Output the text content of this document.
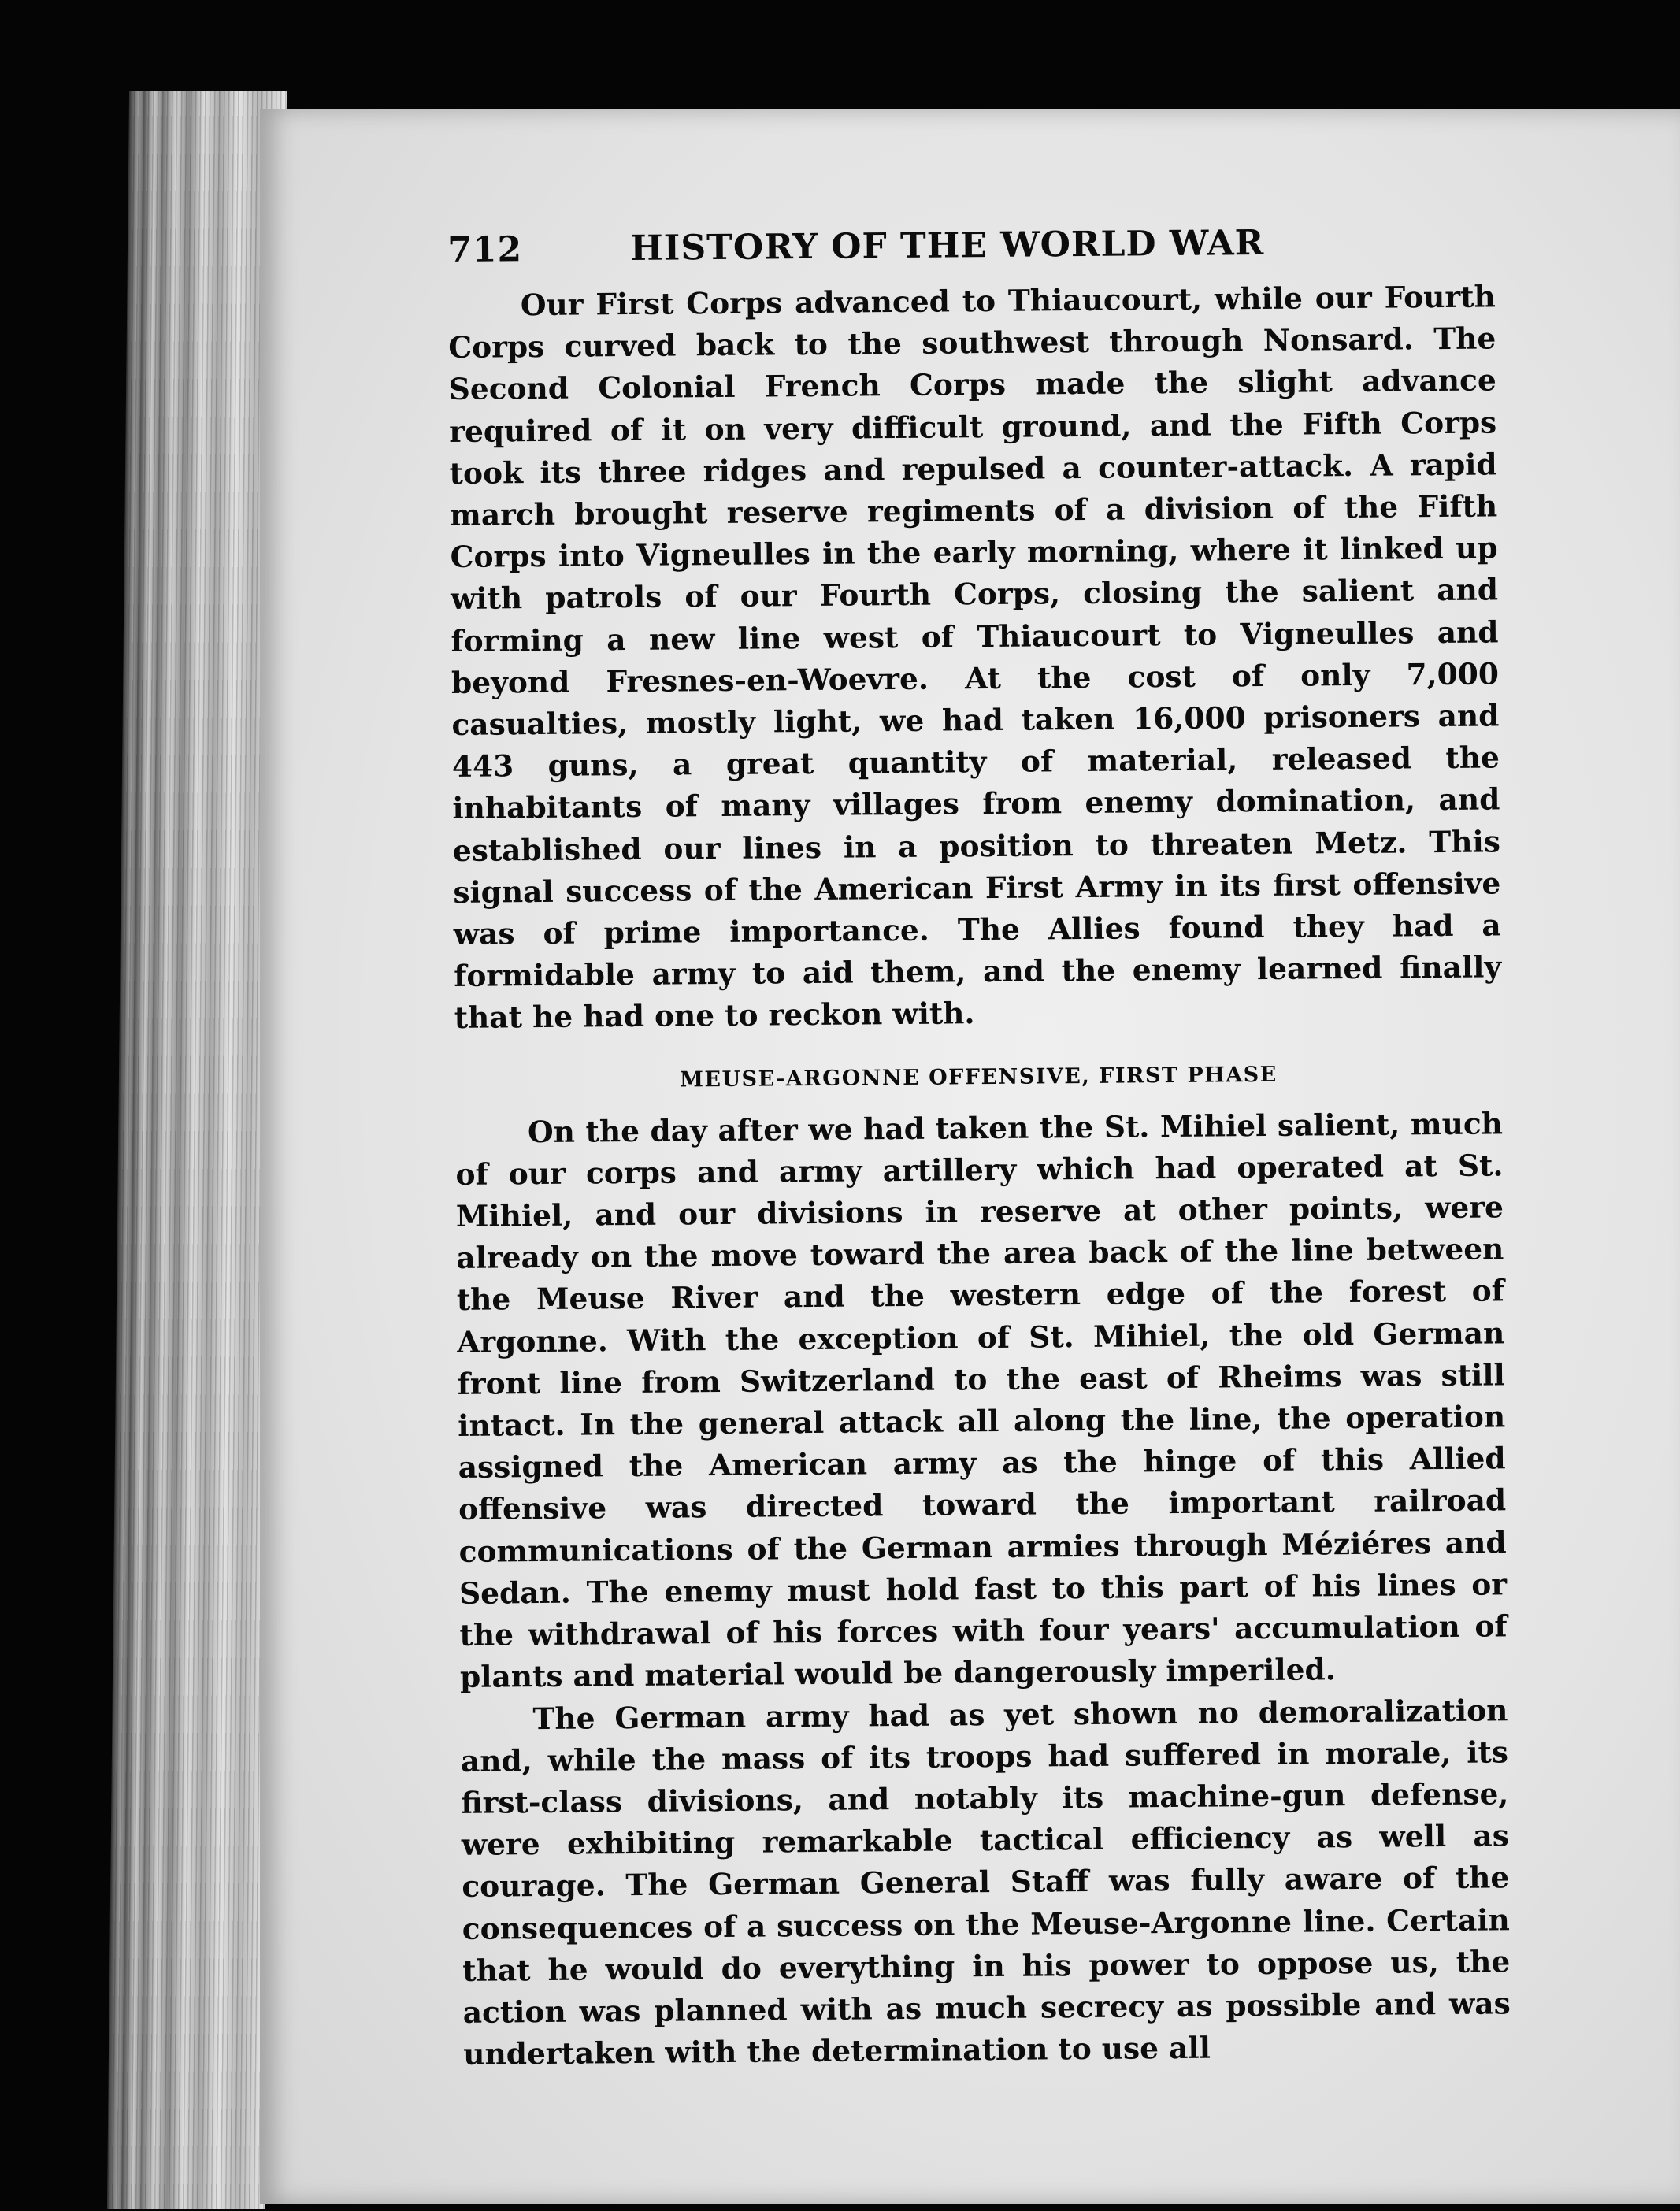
712	HISTORY OF THE WORLD WAR

Our First Corps advanced to Thiaucourt, while our Fourth Corps curved back to the southwest through Nonsard. The Second Colonial French Corps made the slight advance required of it on very difficult ground, and the Fifth Corps took its three ridges and repulsed a counter-attack. A rapid march brought reserve regiments of a division of the Fifth Corps into Vigneulles in the early morning, where it linked up with patrols of our Fourth Corps, closing the salient and forming a new line west of Thiaucourt to Vigneulles and beyond Fresnes-en-Woevre. At the cost of only 7,000 casualties, mostly light, we had taken 16,000 prisoners and 443 guns, a great quantity of material, released the inhabitants of many villages from enemy domination, and established our lines in a position to threaten Metz. This signal success of the American First Army in its first offensive was of prime importance. The Allies found they had a formidable army to aid them, and the enemy learned finally that he had one to reckon with.

MEUSE-ARGONNE OFFENSIVE, FIRST PHASE

On the day after we had taken the St. Mihiel salient, much of our corps and army artillery which had operated at St. Mihiel, and our divisions in reserve at other points, were already on the move toward the area back of the line between the Meuse River and the western edge of the forest of Argonne. With the exception of St. Mihiel, the old German front line from Switzerland to the east of Rheims was still intact. In the general attack all along the line, the operation assigned the American army as the hinge of this Allied offensive was directed toward the important railroad communications of the German armies through Méziéres and Sedan. The enemy must hold fast to this part of his lines or the withdrawal of his forces with four years' accumulation of plants and material would be dangerously imperiled.

The German army had as yet shown no demoralization and, while the mass of its troops had suffered in morale, its first-class divisions, and notably its machine-gun defense, were exhibiting remarkable tactical efficiency as well as courage. The German General Staff was fully aware of the consequences of a success on the Meuse-Argonne line. Certain that he would do everything in his power to oppose us, the action was planned with as much secrecy as possible and was undertaken with the determination to use all
